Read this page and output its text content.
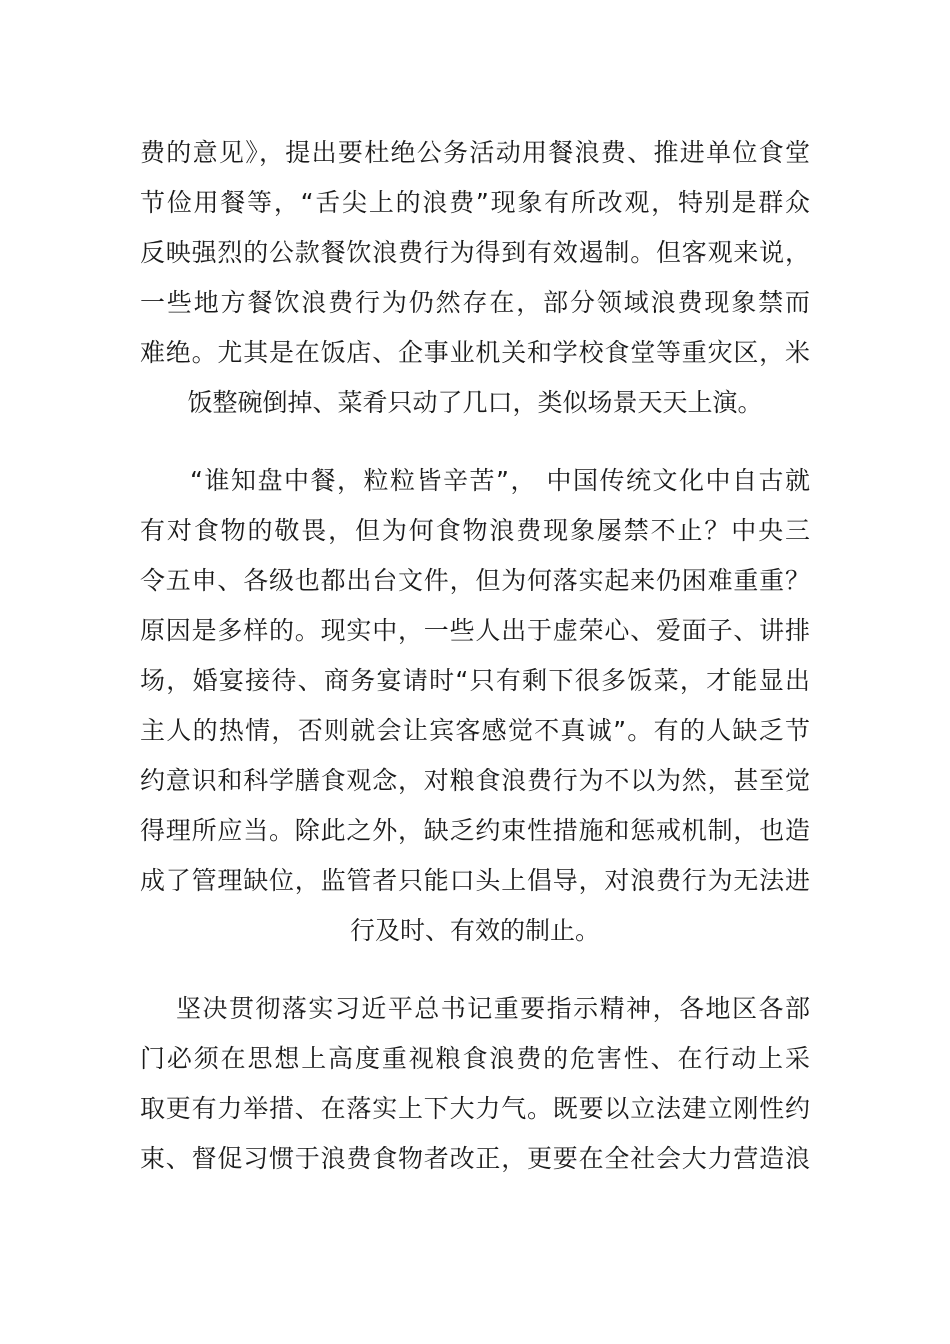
费的意见》，提出要杜绝公务活动用餐浪费、推进单位食堂
节俭用餐等，“舌尖上的浪费”现象有所改观，特别是群众
反映强烈的公款餐饮浪费行为得到有效遏制。但客观来说，
一些地方餐饮浪费行为仍然存在，部分领域浪费现象禁而
难绝。尤其是在饭店、企事业机关和学校食堂等重灾区，米
饭整碗倒掉、菜肴只动了几口，类似场景天天上演。
“谁知盘中餐，粒粒皆辛苦”， 中国传统文化中自古就
有对食物的敬畏，但为何食物浪费现象屡禁不止？中央三
令五申、各级也都出台文件，但为何落实起来仍困难重重？
原因是多样的。现实中，一些人出于虚荣心、爱面子、讲排
场，婚宴接待、商务宴请时“只有剩下很多饭菜，才能显出
主人的热情，否则就会让宾客感觉不真诚”。有的人缺乏节
约意识和科学膳食观念，对粮食浪费行为不以为然，甚至觉
得理所应当。除此之外，缺乏约束性措施和惩戒机制，也造
成了管理缺位，监管者只能口头上倡导，对浪费行为无法进
行及时、有效的制止。
坚决贯彻落实习近平总书记重要指示精神，各地区各部
门必须在思想上高度重视粮食浪费的危害性、在行动上采
取更有力举措、在落实上下大力气。既要以立法建立刚性约
束、督促习惯于浪费食物者改正，更要在全社会大力营造浪
